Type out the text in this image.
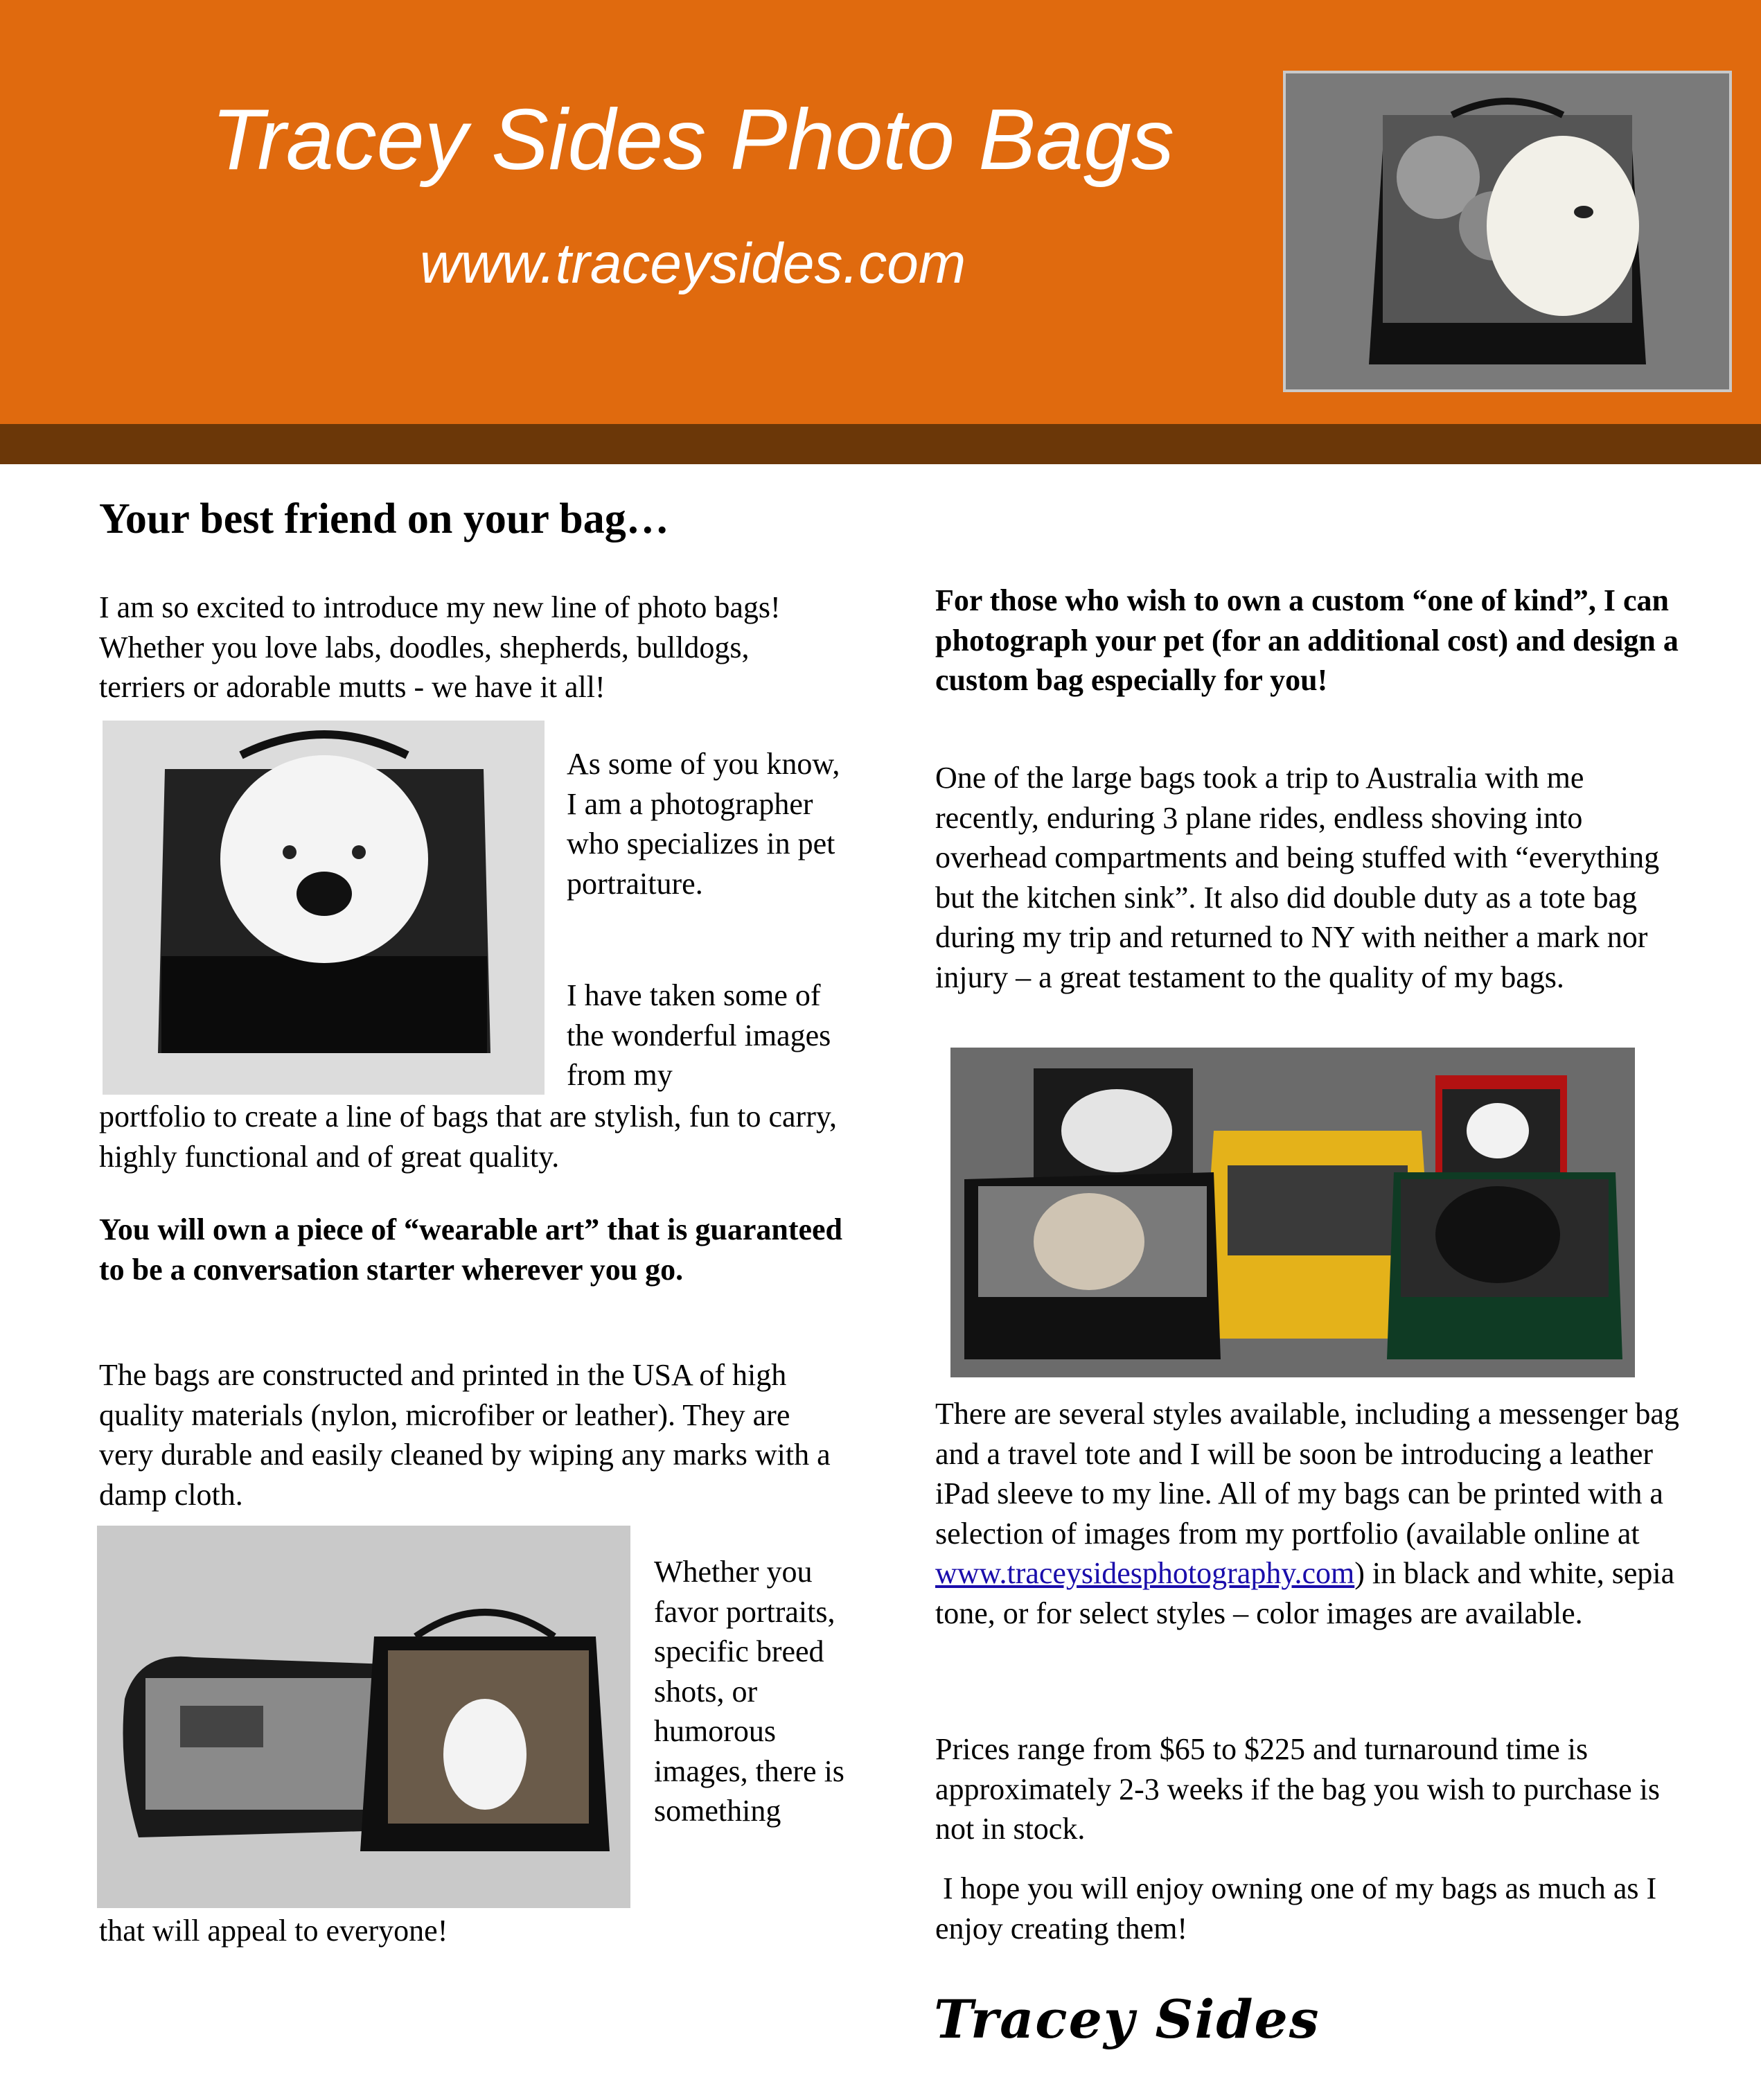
Tracey Sides Photo Bags
www.traceysides.com
Your best friend on your bag…

I am so excited to introduce my new line of photo bags! Whether you love labs, doodles, shepherds, bulldogs, terriers or adorable mutts - we have it all!

As some of you know, I am a photographer who specializes in pet portraiture.

I have taken some of the wonderful images from my

portfolio to create a line of bags that are stylish, fun to carry, highly functional and of great quality.

You will own a piece of “wearable art” that is guaranteed to be a conversation starter wherever you go.

The bags are constructed and printed in the USA of high quality materials (nylon, microfiber or leather). They are very durable and easily cleaned by wiping any marks with a damp cloth.

Whether you favor portraits, specific breed shots, or humorous images, there is something

that will appeal to everyone!

For those who wish to own a custom “one of kind”, I can photograph your pet (for an additional cost) and design a custom bag especially for you!

One of the large bags took a trip to Australia with me recently, enduring 3 plane rides, endless shoving into overhead compartments and being stuffed with “everything but the kitchen sink”. It also did double duty as a tote bag during my trip and returned to NY with neither a mark nor injury – a great testament to the quality of my bags.

There are several styles available, including a messenger bag and a travel tote and I will be soon be introducing a leather iPad sleeve to my line. All of my bags can be printed with a selection of images from my portfolio (available online at www.traceysidesphotography.com) in black and white, sepia tone, or for select styles – color images are available.

Prices range from $65 to $225 and turnaround time is approximately 2-3 weeks if the bag you wish to purchase is not in stock.

I hope you will enjoy owning one of my bags as much as I enjoy creating them!

Tracey Sides
